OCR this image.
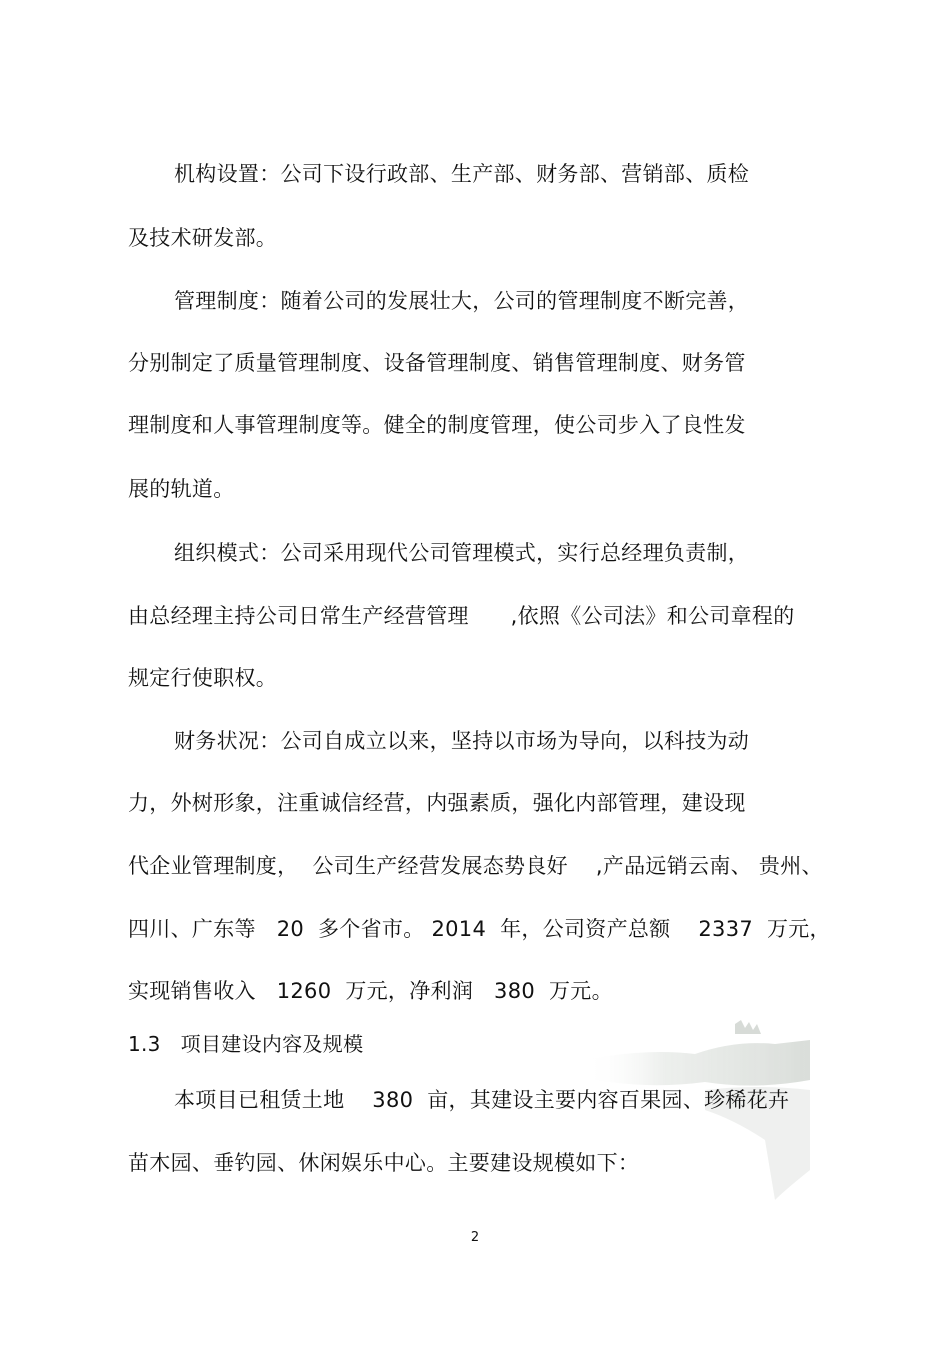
机构设置：公司下设行政部、生产部、财务部、营销部、质检
及技术研发部。
管理制度：随着公司的发展壮大，公司的管理制度不断完善，
分别制定了质量管理制度、设备管理制度、销售管理制度、财务管
理制度和人事管理制度等。健全的制度管理，使公司步入了良性发
展的轨道。
组织模式：公司采用现代公司管理模式，实行总经理负责制，
由总经理主持公司日常生产经营管理      ,依照《公司法》和公司章程的
规定行使职权。
财务状况：公司自成立以来，坚持以市场为导向，以科技为动
力，外树形象，注重诚信经营，内强素质，强化内部管理，建设现
代企业管理制度，  公司生产经营发展态势良好    ,产品远销云南、 贵州、
四川、广东等   20  多个省市。 2014  年，公司资产总额    2337  万元，
实现销售收入   1260  万元，净利润   380  万元。
1.3   项目建设内容及规模
本项目已租赁土地    380  亩，其建设主要内容百果园、珍稀花卉
苗木园、垂钓园、休闲娱乐中心。主要建设规模如下：
2
